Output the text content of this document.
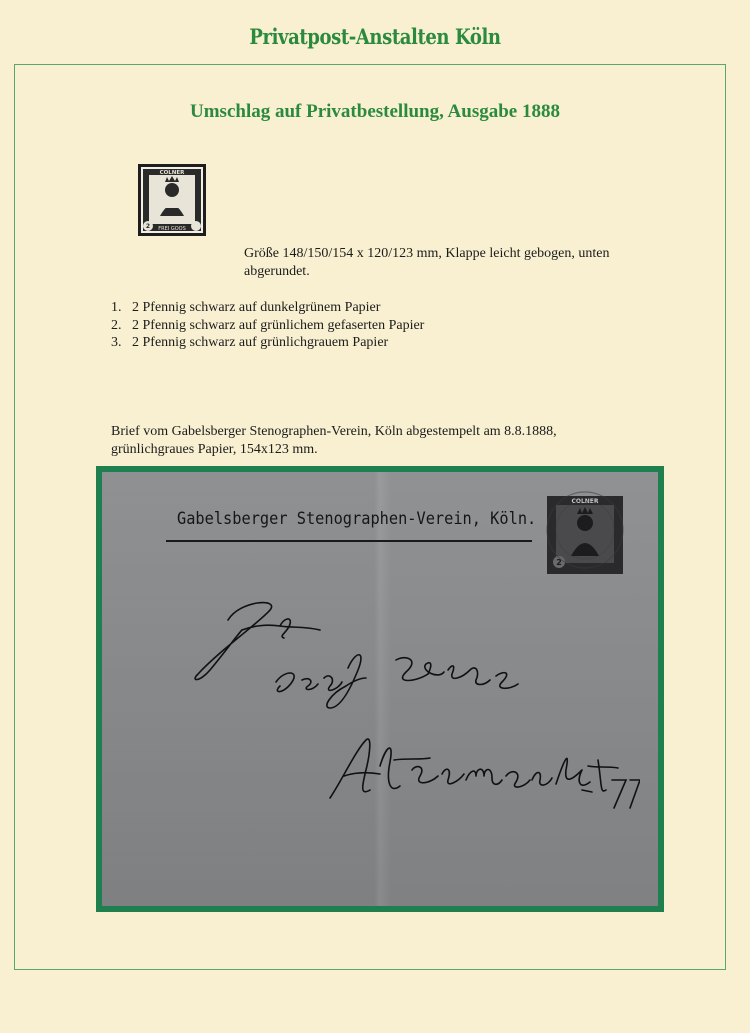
Privatpost-Anstalten Köln
Umschlag auf Privatbestellung, Ausgabe 1888
COLNER
FREI GOOS
2
Größe 148/150/154 x 120/123 mm, Klappe leicht gebogen, unten abgerundet.
1. 2 Pfennig schwarz auf dunkelgrünem Papier
2. 2 Pfennig schwarz auf grünlichem gefaserten Papier
3. 2 Pfennig schwarz auf grünlichgrauem Papier
Brief vom Gabelsberger Stenographen-Verein, Köln abgestempelt am 8.8.1888,
grünlichgraues Papier, 154x123 mm.
Gabelsberger Stenographen-Verein, Köln.
2
COLNER
